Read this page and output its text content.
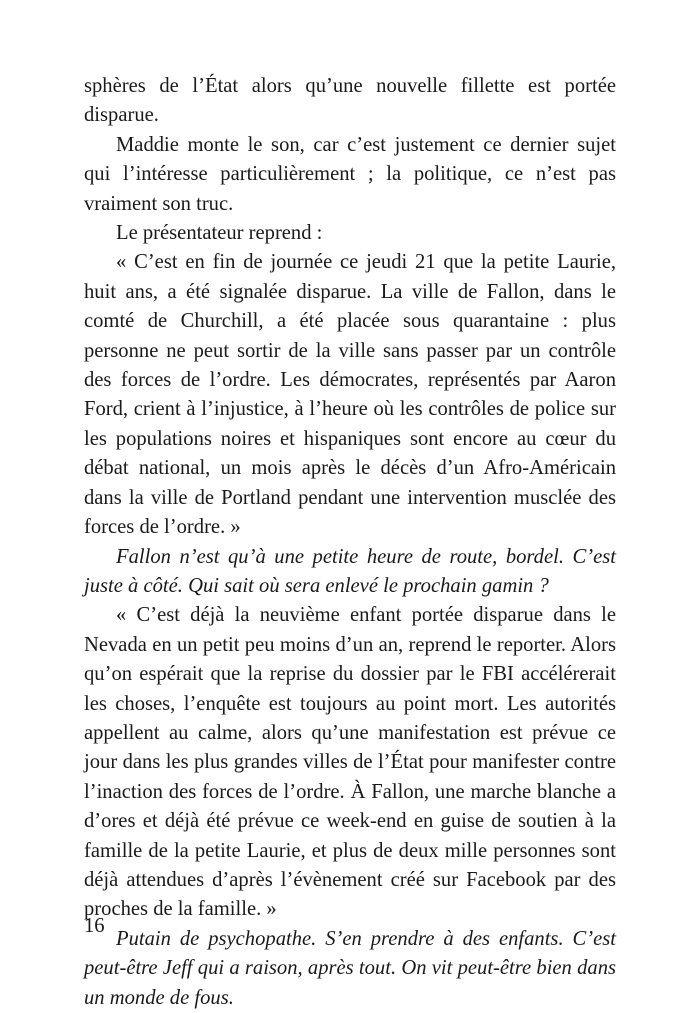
sphères de l’État alors qu’une nouvelle fillette est portée disparue.

Maddie monte le son, car c’est justement ce dernier sujet qui l’intéresse particulièrement ; la politique, ce n’est pas vraiment son truc.

Le présentateur reprend :

« C’est en fin de journée ce jeudi 21 que la petite Laurie, huit ans, a été signalée disparue. La ville de Fallon, dans le comté de Churchill, a été placée sous quarantaine : plus personne ne peut sortir de la ville sans passer par un contrôle des forces de l’ordre. Les démocrates, représentés par Aaron Ford, crient à l’injustice, à l’heure où les contrôles de police sur les populations noires et hispaniques sont encore au cœur du débat national, un mois après le décès d’un Afro-Américain dans la ville de Portland pendant une intervention musclée des forces de l’ordre. »

Fallon n’est qu’à une petite heure de route, bordel. C’est juste à côté. Qui sait où sera enlevé le prochain gamin ?

« C’est déjà la neuvième enfant portée disparue dans le Nevada en un petit peu moins d’un an, reprend le reporter. Alors qu’on espérait que la reprise du dossier par le FBI accélérerait les choses, l’enquête est toujours au point mort. Les autorités appellent au calme, alors qu’une manifestation est prévue ce jour dans les plus grandes villes de l’État pour manifester contre l’inaction des forces de l’ordre. À Fallon, une marche blanche a d’ores et déjà été prévue ce week-end en guise de soutien à la famille de la petite Laurie, et plus de deux mille personnes sont déjà attendues d’après l’évènement créé sur Facebook par des proches de la famille. »

Putain de psychopathe. S’en prendre à des enfants. C’est peut-être Jeff qui a raison, après tout. On vit peut-être bien dans un monde de fous.

16
